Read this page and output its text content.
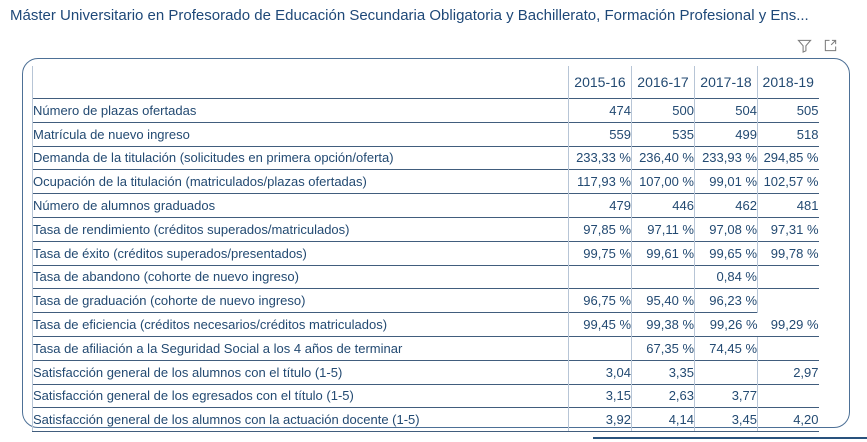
Máster Universitario en Profesorado de Educación Secundaria Obligatoria y Bachillerato, Formación Profesional y Ens...
	2015-16	2016-17	2017-18	2018-19
Número de plazas ofertadas	474	500	504	505
Matrícula de nuevo ingreso	559	535	499	518
Demanda de la titulación (solicitudes en primera opción/oferta)	233,33 %	236,40 %	233,93 %	294,85 %
Ocupación de la titulación (matriculados/plazas ofertadas)	117,93 %	107,00 %	99,01 %	102,57 %
Número de alumnos graduados	479	446	462	481
Tasa de rendimiento (créditos superados/matriculados)	97,85 %	97,11 %	97,08 %	97,31 %
Tasa de éxito (créditos superados/presentados)	99,75 %	99,61 %	99,65 %	99,78 %
Tasa de abandono (cohorte de nuevo ingreso)			0,84 %	
Tasa de graduación (cohorte de nuevo ingreso)	96,75 %	95,40 %	96,23 %	
Tasa de eficiencia (créditos necesarios/créditos matriculados)	99,45 %	99,38 %	99,26 %	99,29 %
Tasa de afiliación a la Seguridad Social a los 4 años de terminar		67,35 %	74,45 %	
Satisfacción general de los alumnos con el título (1-5)	3,04	3,35		2,97
Satisfacción general de los egresados con el título (1-5)	3,15	2,63	3,77	
Satisfacción general de los alumnos con la actuación docente (1-5)	3,92	4,14	3,45	4,20
